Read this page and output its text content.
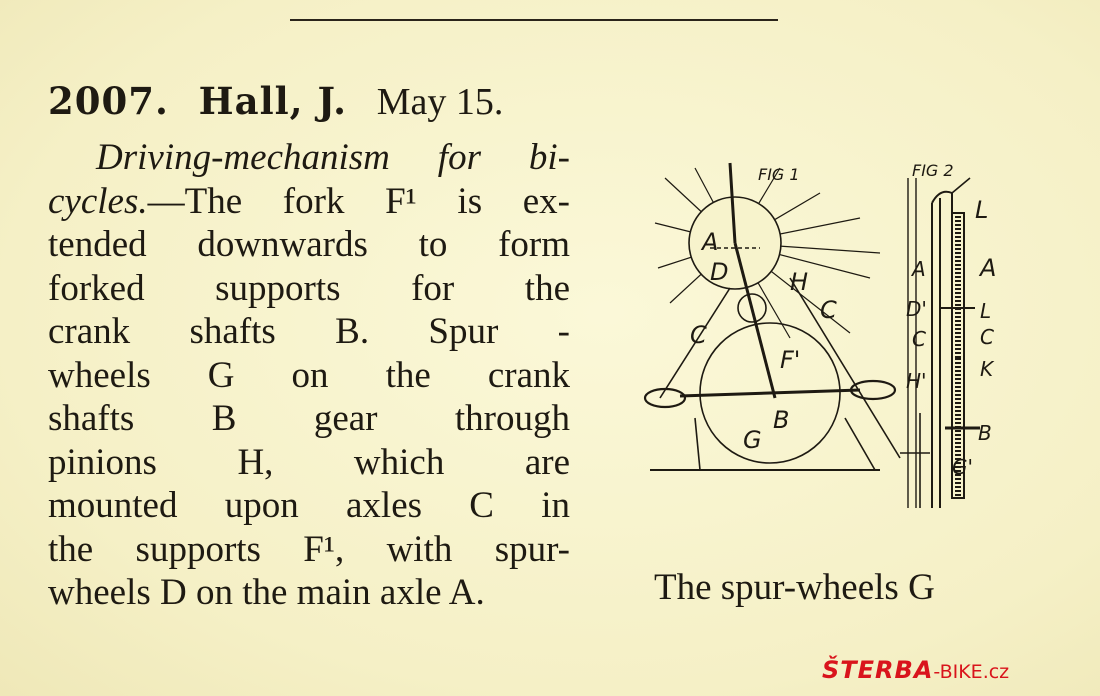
2007. Hall, J. May 15.
Driving-mechanism for bi-
cycles.—The fork F¹ is ex-
tended downwards to form
forked supports for the
crank shafts B. Spur -
wheels G on the crank
shafts B gear through
pinions H, which are
mounted upon axles C in
the supports F¹, with spur-
wheels D on the main axle A.
FIG 1	FIG 2
A
D	H
C
C
F'
B
G
L
A A
D'	L
C
C
H'	K
B
G'
The spur-wheels G
ŠTERBA-BIKE.cz
